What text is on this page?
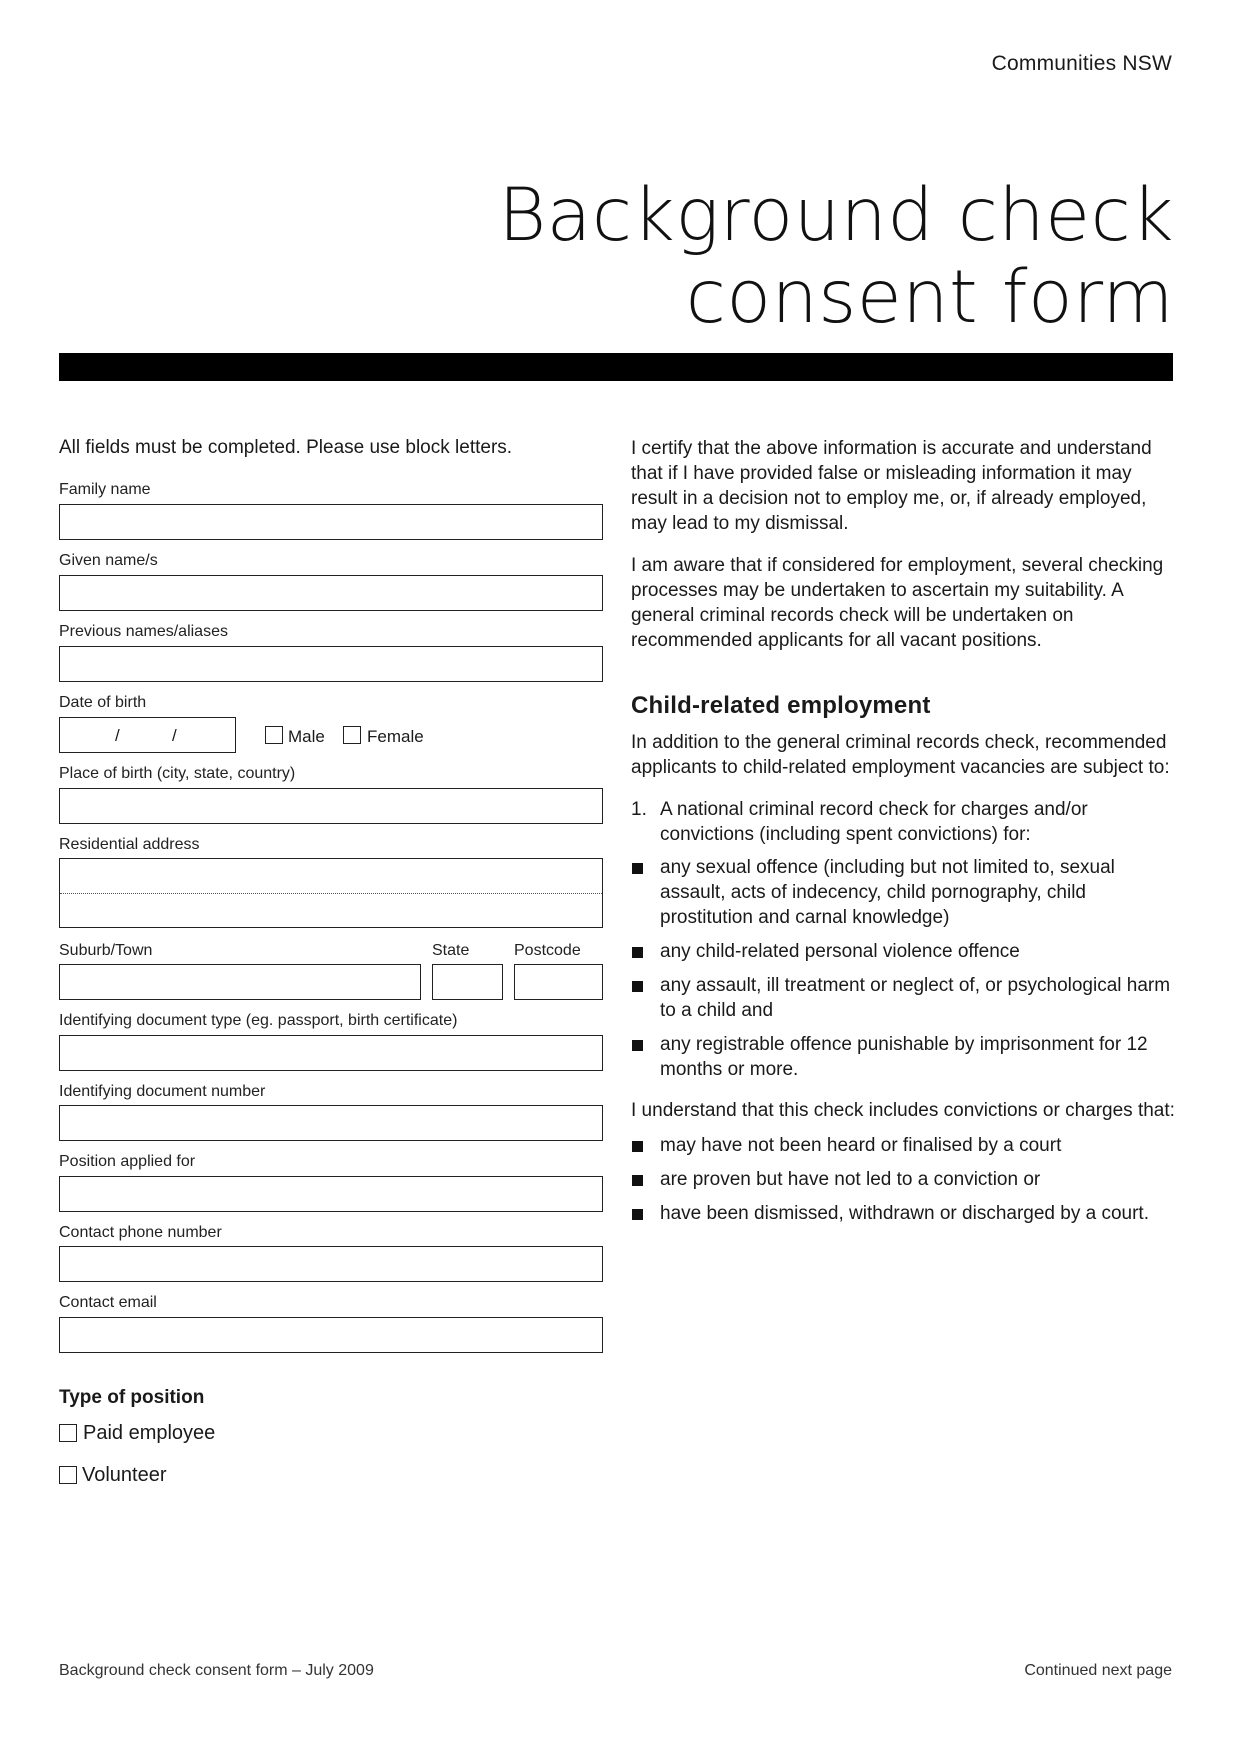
Communities NSW
Background check
consent form

All fields must be completed. Please use block letters.

Family name
Given name/s
Previous names/aliases
Date of birth
/	/	Male Female
Place of birth (city, state, country)
Residential address
Suburb/Town	State	Postcode
Identifying document type (eg. passport, birth certificate)
Identifying document number
Position applied for
Contact phone number
Contact email
Type of position
Paid employee
Volunteer

I certify that the above information is accurate and understand that if I have provided false or misleading information it may result in a decision not to employ me, or, if already employed, may lead to my dismissal.

I am aware that if considered for employment, several checking processes may be undertaken to ascertain my suitability. A general criminal records check will be undertaken on recommended applicants for all vacant positions.

Child-related employment

In addition to the general criminal records check, recommended applicants to child-related employment vacancies are subject to:

1. A national criminal record check for charges and/or convictions (including spent convictions) for:
any sexual offence (including but not limited to, sexual assault, acts of indecency, child pornography, child prostitution and carnal knowledge)
any child-related personal violence offence
any assault, ill treatment or neglect of, or psychological harm to a child and
any registrable offence punishable by imprisonment for 12 months or more.

I understand that this check includes convictions or charges that:

may have not been heard or finalised by a court
are proven but have not led to a conviction or
have been dismissed, withdrawn or discharged by a court.
Background check consent form – July 2009	Continued next page
